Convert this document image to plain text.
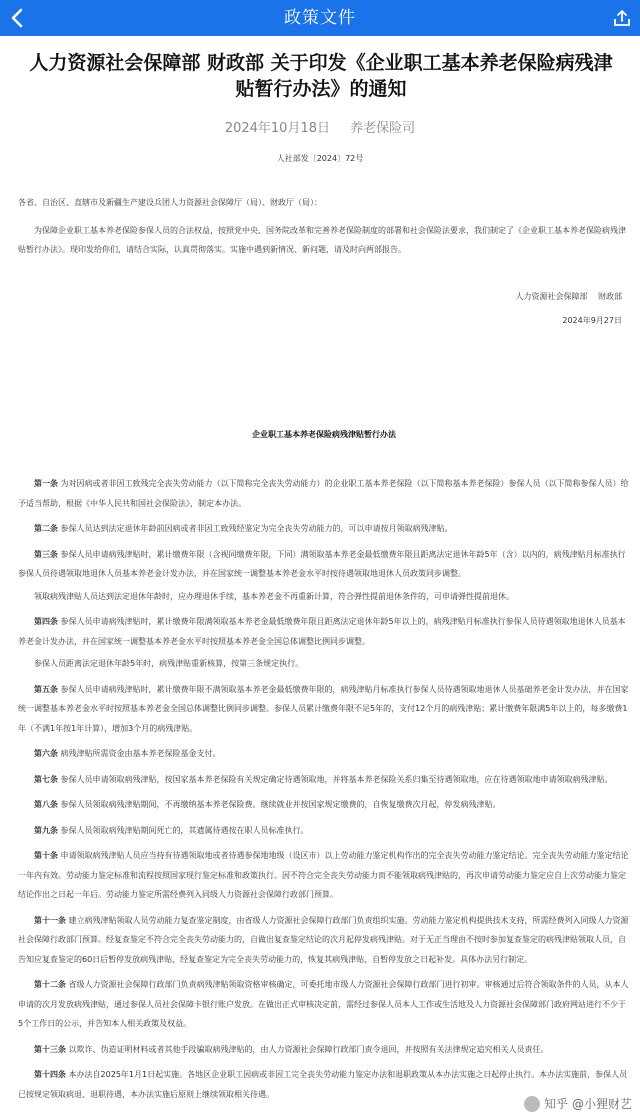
政策文件
人力资源社会保障部 财政部 关于印发《企业职工基本养老保险病残津贴暂行办法》的通知
2024年10月18日 养老保险司
人社部发〔2024〕72号

各省、自治区、直辖市及新疆生产建设兵团人力资源社会保障厅（局）、财政厅（局）：

为保障企业职工基本养老保险参保人员的合法权益，按照党中央、国务院改革和完善养老保险制度的部署和社会保险法要求，我们制定了《企业职工基本养老保险病残津贴暂行办法》。现印发给你们，请结合实际，认真贯彻落实。实施中遇到新情况、新问题，请及时向两部报告。

人力资源社会保障部　 财政部

2024年9月27日

企业职工基本养老保险病残津贴暂行办法

第一条 为对因病或者非因工致残完全丧失劳动能力（以下简称完全丧失劳动能力）的企业职工基本养老保险（以下简称基本养老保险）参保人员（以下简称参保人员）给予适当帮助，根据《中华人民共和国社会保险法》，制定本办法。

第二条 参保人员达到法定退休年龄前因病或者非因工致残经鉴定为完全丧失劳动能力的，可以申请按月领取病残津贴。

第三条 参保人员申请病残津贴时，累计缴费年限（含视同缴费年限，下同）满领取基本养老金最低缴费年限且距离法定退休年龄5年（含）以内的，病残津贴月标准执行参保人员待遇领取地退休人员基本养老金计发办法，并在国家统一调整基本养老金水平时按待遇领取地退休人员政策同步调整。

领取病残津贴人员达到法定退休年龄时，应办理退休手续，基本养老金不再重新计算，符合弹性提前退休条件的，可申请弹性提前退休。

第四条 参保人员申请病残津贴时，累计缴费年限满领取基本养老金最低缴费年限且距离法定退休年龄5年以上的，病残津贴月标准执行参保人员待遇领取地退休人员基本养老金计发办法，并在国家统一调整基本养老金水平时按照基本养老金全国总体调整比例同步调整。

参保人员距离法定退休年龄5年时，病残津贴重新核算，按第三条规定执行。

第五条 参保人员申请病残津贴时，累计缴费年限不满领取基本养老金最低缴费年限的，病残津贴月标准执行参保人员待遇领取地退休人员基础养老金计发办法，并在国家统一调整基本养老金水平时按照基本养老金全国总体调整比例同步调整。参保人员累计缴费年限不足5年的，支付12个月的病残津贴；累计缴费年限满5年以上的，每多缴费1年（不满1年按1年计算），增加3个月的病残津贴。

第六条 病残津贴所需资金由基本养老保险基金支付。

第七条 参保人员申请领取病残津贴，按国家基本养老保险有关规定确定待遇领取地，并将基本养老保险关系归集至待遇领取地，应在待遇领取地申请领取病残津贴。

第八条 参保人员领取病残津贴期间，不再缴纳基本养老保险费。继续就业并按国家规定缴费的，自恢复缴费次月起，停发病残津贴。

第九条 参保人员领取病残津贴期间死亡的，其遗属待遇按在职人员标准执行。

第十条 申请领取病残津贴人员应当持有待遇领取地或者待遇参保地地级（设区市）以上劳动能力鉴定机构作出的完全丧失劳动能力鉴定结论。完全丧失劳动能力鉴定结论一年内有效。劳动能力鉴定标准和流程按照国家现行鉴定标准和政策执行。因不符合完全丧失劳动能力而不能领取病残津贴的，再次申请劳动能力鉴定应自上次劳动能力鉴定结论作出之日起一年后。劳动能力鉴定所需经费列入同级人力资源社会保障行政部门预算。

第十一条 建立病残津贴领取人员劳动能力复查鉴定制度，由省级人力资源社会保障行政部门负责组织实施。劳动能力鉴定机构提供技术支持，所需经费列入同级人力资源社会保障行政部门预算。经复查鉴定不符合完全丧失劳动能力的，自做出复查鉴定结论的次月起停发病残津贴。对于无正当理由不按时参加复查鉴定的病残津贴领取人员，自告知应复查鉴定的60日后暂停发放病残津贴，经复查鉴定为完全丧失劳动能力的，恢复其病残津贴，自暂停发放之日起补发。具体办法另行制定。

第十二条 省级人力资源社会保障行政部门负责病残津贴领取资格审核确定，可委托地市级人力资源社会保障行政部门进行初审。审核通过后符合领取条件的人员，从本人申请的次月发放病残津贴，通过参保人员社会保障卡银行账户发放。在做出正式审核决定前，需经过参保人员本人工作或生活地及人力资源社会保障部门政府网站进行不少于5个工作日的公示，并告知本人相关政策及权益。

第十三条 以欺诈、伪造证明材料或者其他手段骗取病残津贴的，由人力资源社会保障行政部门责令退回，并按照有关法律规定追究相关人员责任。

第十四条 本办法自2025年1月1日起实施。各地区企业职工因病或非因工完全丧失劳动能力鉴定办法和退职政策从本办法实施之日起停止执行。本办法实施前，参保人员已按规定领取病退、退职待遇，本办法实施后原则上继续领取相关待遇。

知乎 @小狸财艺
